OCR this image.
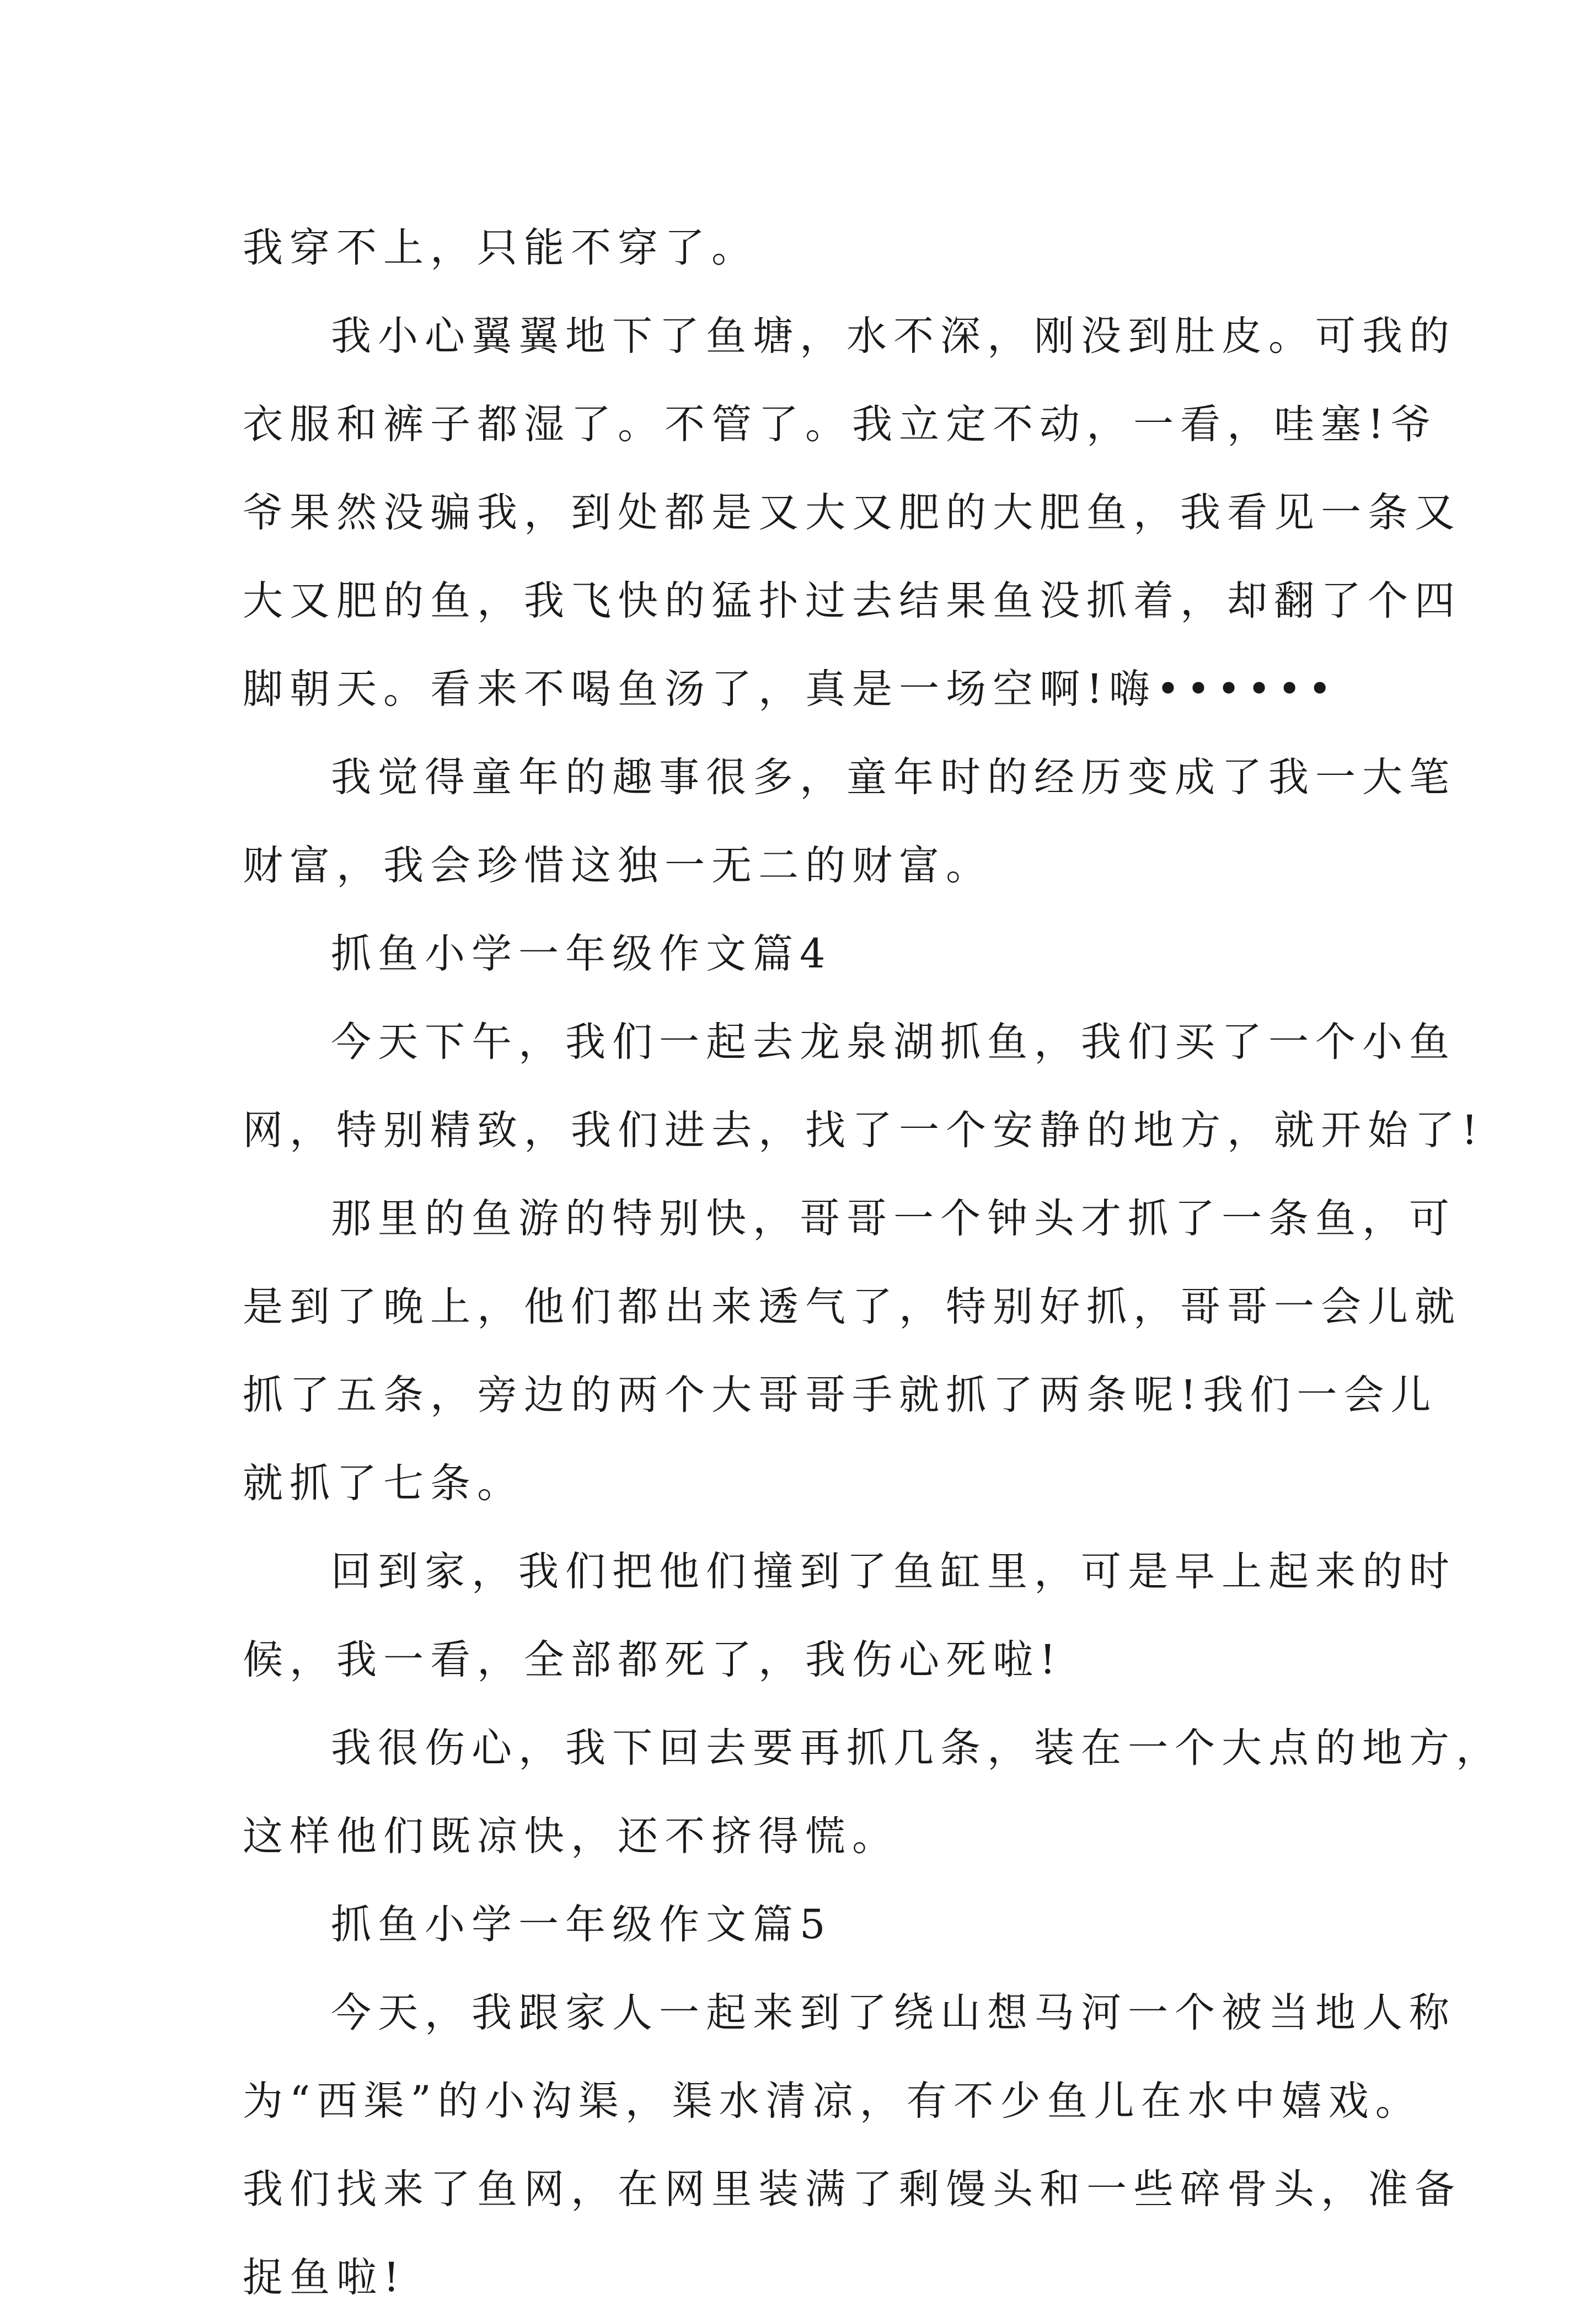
我穿不上，只能不穿了。
我小心翼翼地下了鱼塘，水不深，刚没到肚皮。可我的
衣服和裤子都湿了。不管了。我立定不动，一看，哇塞!爷
爷果然没骗我，到处都是又大又肥的大肥鱼，我看见一条又
大又肥的鱼，我飞快的猛扑过去结果鱼没抓着，却翻了个四
脚朝天。看来不喝鱼汤了，真是一场空啊!嗨••••••
我觉得童年的趣事很多，童年时的经历变成了我一大笔
财富，我会珍惜这独一无二的财富。
抓鱼小学一年级作文篇4
今天下午，我们一起去龙泉湖抓鱼，我们买了一个小鱼
网，特别精致，我们进去，找了一个安静的地方，就开始了!
那里的鱼游的特别快，哥哥一个钟头才抓了一条鱼，可
是到了晚上，他们都出来透气了，特别好抓，哥哥一会儿就
抓了五条，旁边的两个大哥哥手就抓了两条呢!我们一会儿
就抓了七条。
回到家，我们把他们撞到了鱼缸里，可是早上起来的时
候，我一看，全部都死了，我伤心死啦!
我很伤心，我下回去要再抓几条，装在一个大点的地方，
这样他们既凉快，还不挤得慌。
抓鱼小学一年级作文篇5
今天，我跟家人一起来到了绕山想马河一个被当地人称
为“西渠”的小沟渠，渠水清凉，有不少鱼儿在水中嬉戏。
我们找来了鱼网，在网里装满了剩馒头和一些碎骨头，准备
捉鱼啦!
